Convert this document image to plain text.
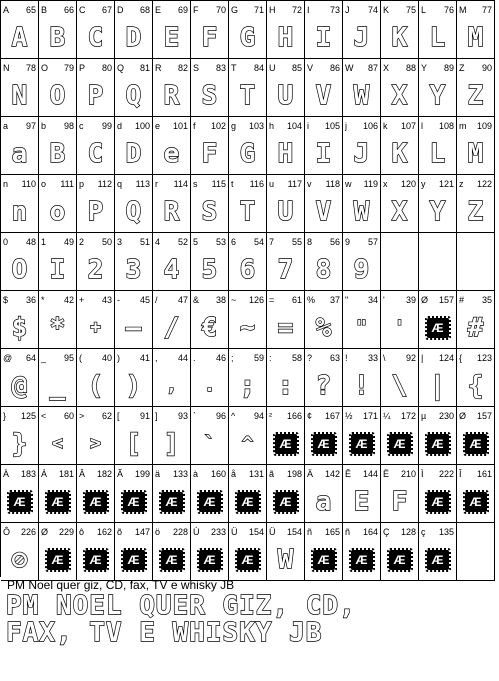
A 65
A
B 66
B
C 67
C
D 68
D
E 69
E
F 70
F
G 71
G
H 72
H
I 73
I
J 74
J
K 75
K
L 76
L
M 77
M
N 78
N
O 79
O
P 80
P
Q 81
Q
R 82
R
S 83
S
T 84
T
U 85
U
V 86
V
W 87
W
X 88
X
Y 89
Y
Z 90
Z
a 97
a
b 98
B
c 99
C
d 100
D
e 101
e
f 102
F
g 103
G
h 104
H
i 105
I
j 106
J
k 107
K
l 108
L
m 109
M
n 110
n
o 111
o
p 112
P
q 113
Q
r 114
R
s 115
S
t 116
T
u 117
U
v 118
V
w 119
W
x 120
X
y 121
Y
z 122
Z
0 48
O
1 49
I
2 50
2
3 51
3
4 52
4
5 53
5
6 54
6
7 55
7
8 56
8
9 57
9
$ 36
$
* 42
*
+ 43
+
- 45
–
/ 47
/
& 38
€
~ 126
~
= 61
=
% 37
%
" 34
"
' 39
'
Ø 157
Æ
# 35
#
@ 64
@
_ 95
_
( 40
(
) 41
)
, 44
,
. 46
.
; 59
;
: 58
:
? 63
?
! 33
!
\ 92
\
| 124
|
{ 123
{
} 125
}
< 60
<
> 62
>
[ 91
[
] 93
]
` 96
`
^ 94
^
² 166
Æ
¢ 167
Æ
½ 171
Æ
¼ 172
Æ
µ 230
Æ
Ø 157
Æ
À 183
Æ
Á 181
Æ
Â 182
Æ
Ã 199
Æ
ä 133
Æ
à 160
Æ
å 131
Æ
ã 198
Æ
Ä 142
a
Ê 144
E
Ë 210
F
Ì 222
Æ
Î 161
Æ
Ô 226
⊘
Ø 229
Æ
ô 162
Æ
õ 147
Æ
ö 228
Æ
Ú 233
Æ
Ü 154
Æ
Ü 154
W
ñ 165
Æ
ñ 164
Æ
Ç 128
Æ
ç 135
Æ
PM Noel quer giz, CD, fax, TV e whisky JB
PM NOEL QUER GIZ, CD,
FAX, TV E WHISKY JB
